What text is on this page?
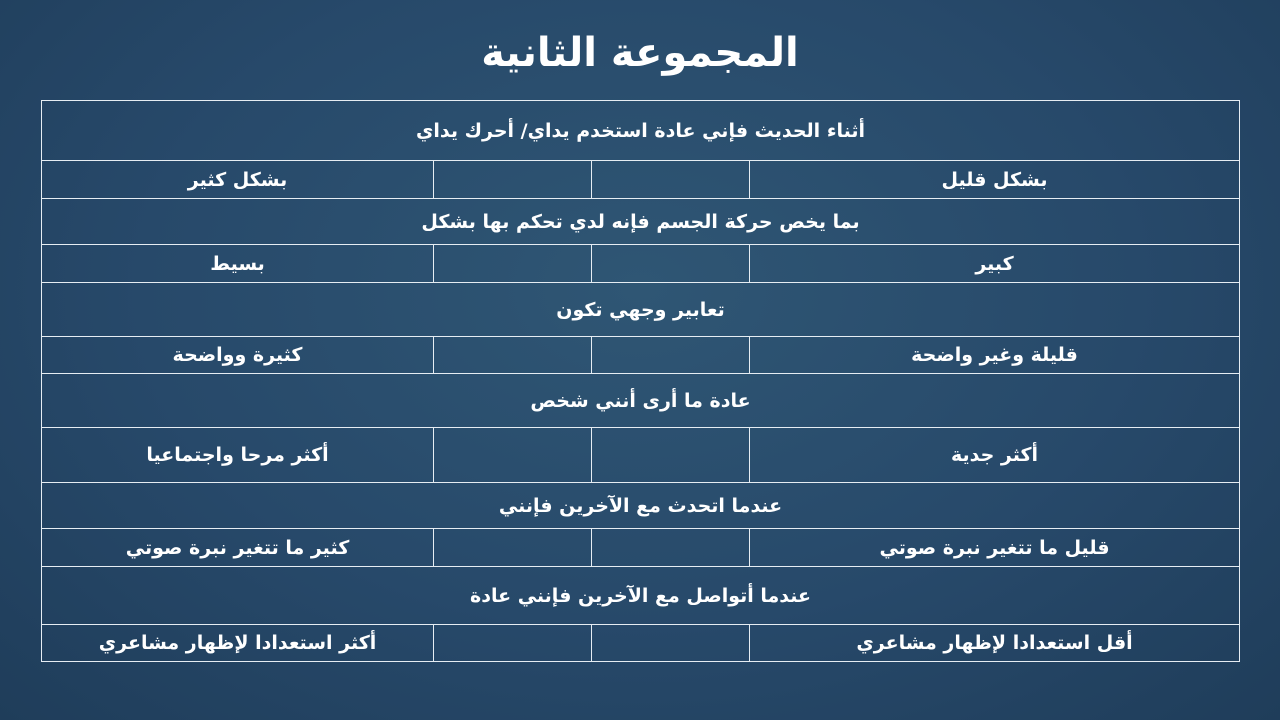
المجموعة الثانية
أثناء الحديث فإني عادة استخدم يداي/ أحرك يداي			
بشكل قليل			بشكل كثير
بما يخص حركة الجسم فإنه لدي تحكم بها بشكل			
كبير			بسيط
تعابير وجهي تكون			
قليلة وغير واضحة			كثيرة وواضحة
عادة ما أرى أنني شخص			
أكثر جدية			أكثر مرحا واجتماعيا
عندما اتحدث مع الآخرين فإنني			
قليل ما تتغير نبرة صوتي			كثير ما تتغير نبرة صوتي
عندما أتواصل مع الآخرين فإنني عادة			
أقل استعدادا لإظهار مشاعري			أكثر استعدادا لإظهار مشاعري
